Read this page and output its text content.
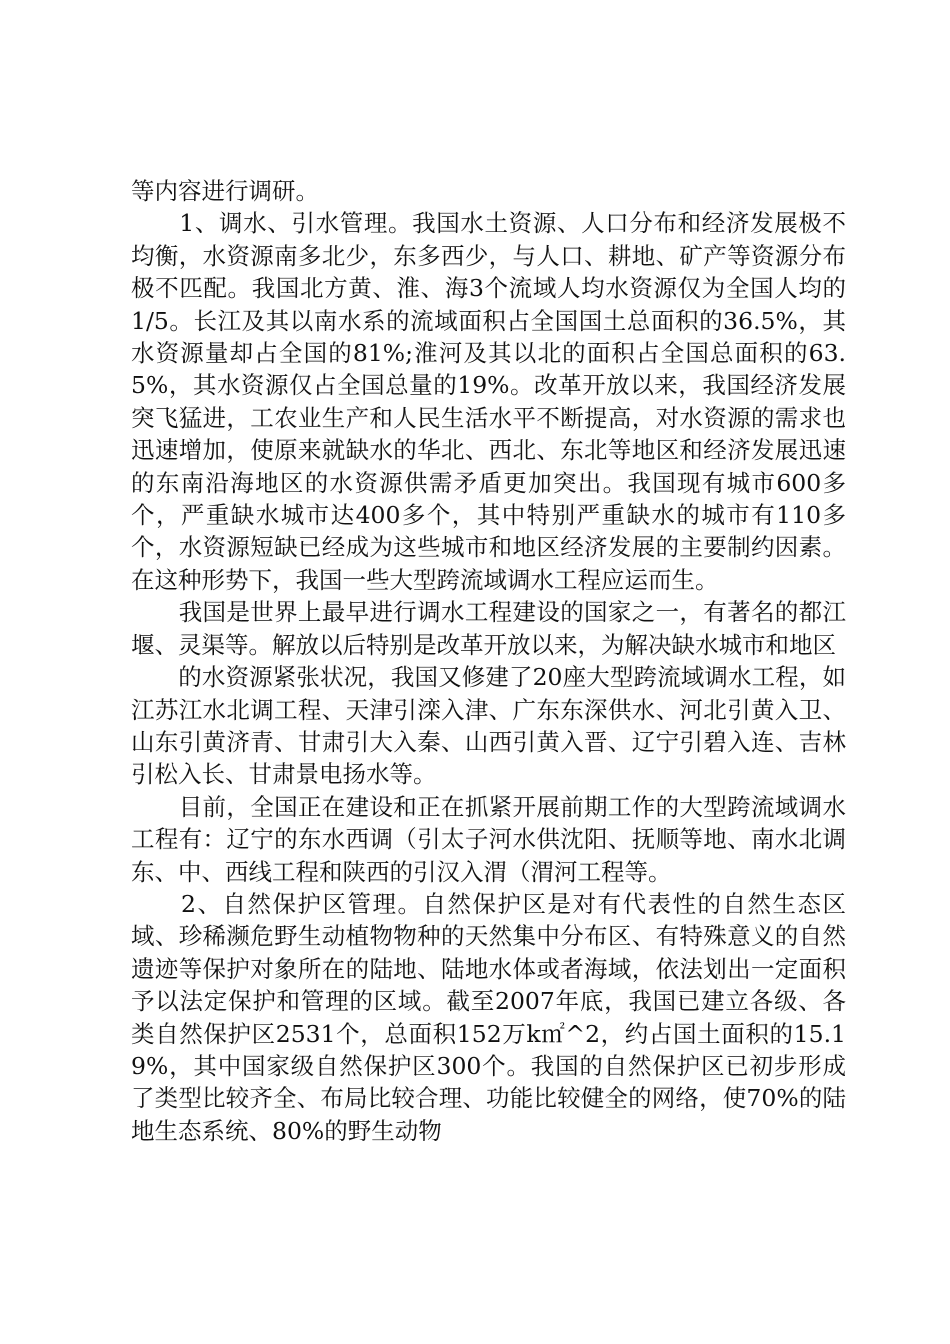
等内容进行调研。

　　1、调水、引水管理。我国水土资源、人口分布和经济发展极不均衡，水资源南多北少，东多西少，与人口、耕地、矿产等资源分布极不匹配。我国北方黄、淮、海3个流域人均水资源仅为全国人均的1/5。长江及其以南水系的流域面积占全国国土总面积的36.5%，其水资源量却占全国的81%;淮河及其以北的面积占全国总面积的63.5%，其水资源仅占全国总量的19%。改革开放以来，我国经济发展突飞猛进，工农业生产和人民生活水平不断提高，对水资源的需求也迅速增加，使原来就缺水的华北、西北、东北等地区和经济发展迅速的东南沿海地区的水资源供需矛盾更加突出。我国现有城市600多个，严重缺水城市达400多个，其中特别严重缺水的城市有110多个，水资源短缺已经成为这些城市和地区经济发展的主要制约因素。在这种形势下，我国一些大型跨流域调水工程应运而生。

　　我国是世界上最早进行调水工程建设的国家之一，有著名的都江堰、灵渠等。解放以后特别是改革开放以来，为解决缺水城市和地区

　　的水资源紧张状况，我国又修建了20座大型跨流域调水工程，如江苏江水北调工程、天津引滦入津、广东东深供水、河北引黄入卫、山东引黄济青、甘肃引大入秦、山西引黄入晋、辽宁引碧入连、吉林引松入长、甘肃景电扬水等。

　　目前，全国正在建设和正在抓紧开展前期工作的大型跨流域调水工程有：辽宁的东水西调（引太子河水供沈阳、抚顺等地、南水北调东、中、西线工程和陕西的引汉入渭（渭河工程等。

　　2、自然保护区管理。自然保护区是对有代表性的自然生态区域、珍稀濒危野生动植物物种的天然集中分布区、有特殊意义的自然遗迹等保护对象所在的陆地、陆地水体或者海域，依法划出一定面积予以法定保护和管理的区域。截至2007年底，我国已建立各级、各类自然保护区2531个，总面积152万k㎡^2，约占国土面积的15.19%，其中国家级自然保护区300个。我国的自然保护区已初步形成了类型比较齐全、布局比较合理、功能比较健全的网络，使70%的陆地生态系统、80%的野生动物
